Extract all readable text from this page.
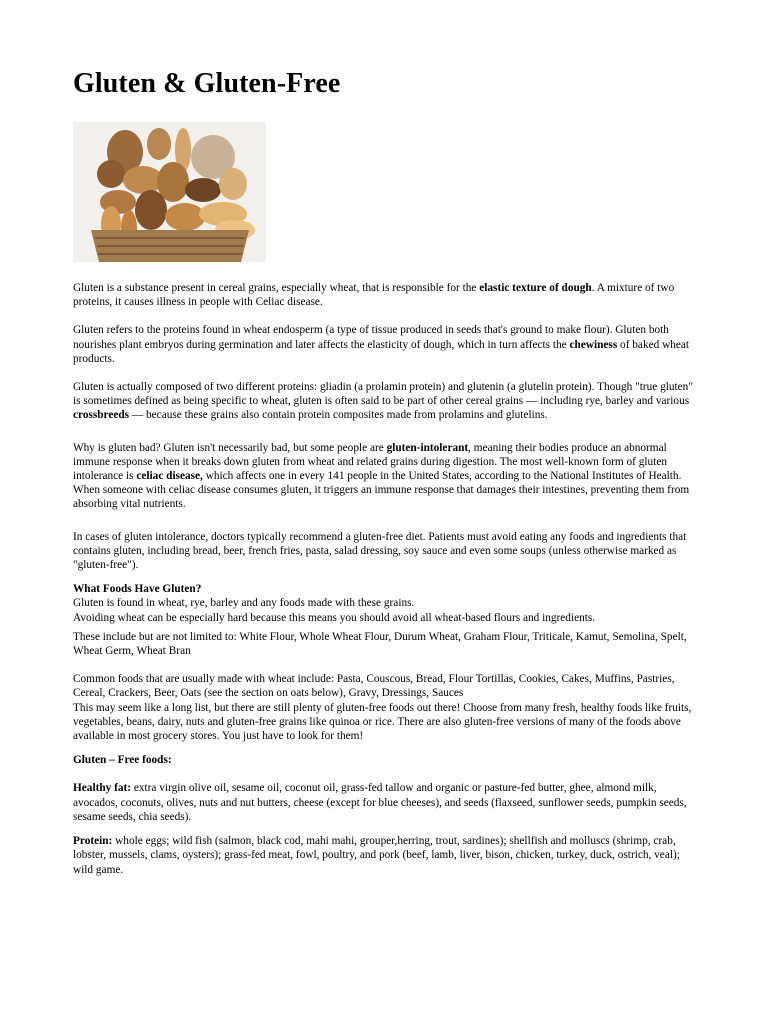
Gluten & Gluten-Free

Gluten is a substance present in cereal grains, especially wheat, that is responsible for the elastic texture of dough. A mixture of two proteins, it causes illness in people with Celiac disease.

Gluten refers to the proteins found in wheat endosperm (a type of tissue produced in seeds that's ground to make flour). Gluten both nourishes plant embryos during germination and later affects the elasticity of dough, which in turn affects the chewiness of baked wheat products.

Gluten is actually composed of two different proteins: gliadin (a prolamin protein) and glutenin (a glutelin protein). Though "true gluten" is sometimes defined as being specific to wheat, gluten is often said to be part of other cereal grains — including rye, barley and various crossbreeds — because these grains also contain protein composites made from prolamins and glutelins.

Why is gluten bad? Gluten isn't necessarily bad, but some people are gluten-intolerant, meaning their bodies produce an abnormal immune response when it breaks down gluten from wheat and related grains during digestion. The most well-known form of gluten intolerance is celiac disease, which affects one in every 141 people in the United States, according to the National Institutes of Health. When someone with celiac disease consumes gluten, it triggers an immune response that damages their intestines, preventing them from absorbing vital nutrients.

In cases of gluten intolerance, doctors typically recommend a gluten-free diet. Patients must avoid eating any foods and ingredients that contains gluten, including bread, beer, french fries, pasta, salad dressing, soy sauce and even some soups (unless otherwise marked as "gluten-free").

What Foods Have Gluten?

Gluten is found in wheat, rye, barley and any foods made with these grains.

Avoiding wheat can be especially hard because this means you should avoid all wheat-based flours and ingredients.

These include but are not limited to: White Flour, Whole Wheat Flour, Durum Wheat, Graham Flour, Triticale, Kamut, Semolina, Spelt, Wheat Germ, Wheat Bran

Common foods that are usually made with wheat include: Pasta, Couscous, Bread, Flour Tortillas, Cookies, Cakes, Muffins, Pastries, Cereal, Crackers, Beer, Oats (see the section on oats below), Gravy, Dressings, Sauces

This may seem like a long list, but there are still plenty of gluten-free foods out there! Choose from many fresh, healthy foods like fruits, vegetables, beans, dairy, nuts and gluten-free grains like quinoa or rice. There are also gluten-free versions of many of the foods above available in most grocery stores. You just have to look for them!

Gluten – Free foods:

Healthy fat: extra virgin olive oil, sesame oil, coconut oil, grass-fed tallow and organic or pasture-fed butter, ghee, almond milk, avocados, coconuts, olives, nuts and nut butters, cheese (except for blue cheeses), and seeds (flaxseed, sunflower seeds, pumpkin seeds, sesame seeds, chia seeds).

Protein: whole eggs; wild fish (salmon, black cod, mahi mahi, grouper,herring, trout, sardines); shellfish and molluscs (shrimp, crab, lobster, mussels, clams, oysters); grass-fed meat, fowl, poultry, and pork (beef, lamb, liver, bison, chicken, turkey, duck, ostrich, veal); wild game.
